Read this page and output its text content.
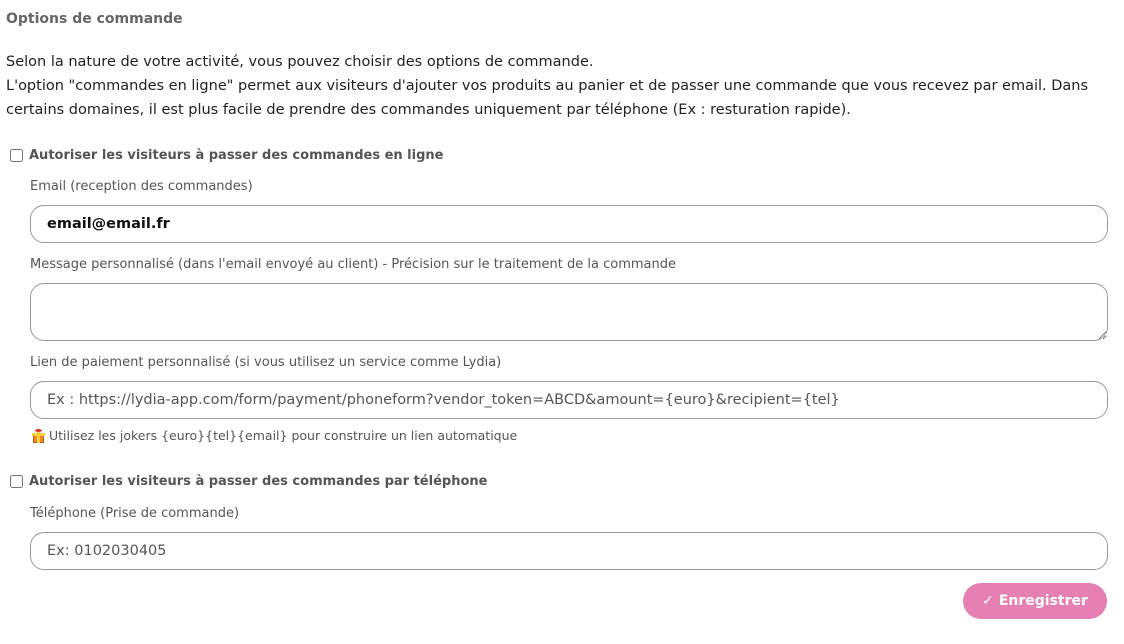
Options de commande

Selon la nature de votre activité, vous pouvez choisir des options de commande.

L'option "commandes en ligne" permet aux visiteurs d'ajouter vos produits au panier et de passer une commande que vous recevez par email. Dans certains domaines, il est plus facile de prendre des commandes uniquement par téléphone (Ex : resturation rapide).

Autoriser les visiteurs à passer des commandes en ligne
Email (reception des commandes)
email@email.fr
Message personnalisé (dans l'email envoyé au client) - Précision sur le traitement de la commande
Lien de paiement personnalisé (si vous utilisez un service comme Lydia)
Ex : https://lydia-app.com/form/payment/phoneform?vendor_token=ABCD&amount={euro}&recipient={tel}
Utilisez les jokers {euro}{tel}{email} pour construire un lien automatique
Autoriser les visiteurs à passer des commandes par téléphone
Téléphone (Prise de commande)
Ex: 0102030405
✓ Enregistrer
